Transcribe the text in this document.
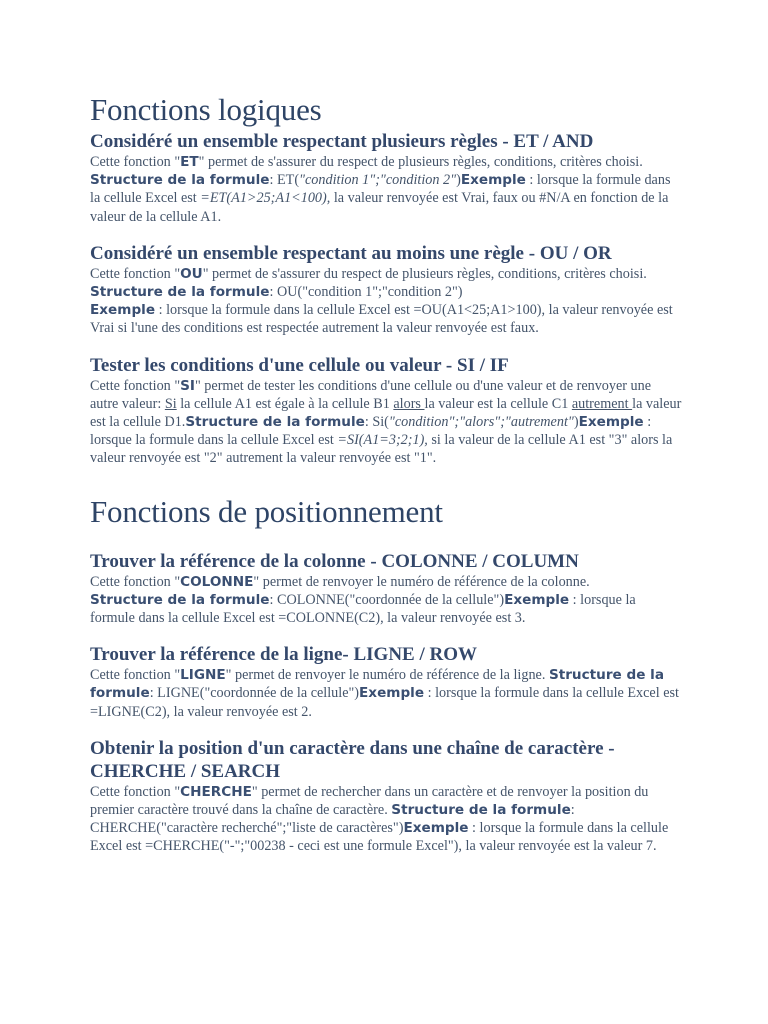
Fonctions logiques
Considéré un ensemble respectant plusieurs règles - ET / AND

Cette fonction "ET" permet de s'assurer du respect de plusieurs règles, conditions, critères choisi. Structure de la formule: ET("condition 1";"condition 2")Exemple : lorsque la formule dans la cellule Excel est =ET(A1>25;A1<100), la valeur renvoyée est Vrai, faux ou #N/A en fonction de la valeur de la cellule A1.

Considéré un ensemble respectant au moins une règle - OU / OR

Cette fonction "OU" permet de s'assurer du respect de plusieurs règles, conditions, critères choisi.
Structure de la formule: OU("condition 1";"condition 2")
Exemple : lorsque la formule dans la cellule Excel est =OU(A1<25;A1>100), la valeur renvoyée est Vrai si l'une des conditions est respectée autrement la valeur renvoyée est faux.

Tester les conditions d'une cellule ou valeur - SI / IF

Cette fonction "SI" permet de tester les conditions d'une cellule ou d'une valeur et de renvoyer une autre valeur: Si la cellule A1 est égale à la cellule B1 alors la valeur est la cellule C1 autrement la valeur est la cellule D1.Structure de la formule: Si("condition";"alors";"autrement")Exemple : lorsque la formule dans la cellule Excel est =SI(A1=3;2;1), si la valeur de la cellule A1 est "3" alors la valeur renvoyée est "2" autrement la valeur renvoyée est "1".

Fonctions de positionnement
Trouver la référence de la colonne - COLONNE / COLUMN

Cette fonction "COLONNE" permet de renvoyer le numéro de référence de la colonne.
Structure de la formule: COLONNE("coordonnée de la cellule")Exemple : lorsque la formule dans la cellule Excel est =COLONNE(C2), la valeur renvoyée est 3.

Trouver la référence de la ligne- LIGNE / ROW

Cette fonction "LIGNE" permet de renvoyer le numéro de référence de la ligne. Structure de la formule: LIGNE("coordonnée de la cellule")Exemple : lorsque la formule dans la cellule Excel est =LIGNE(C2), la valeur renvoyée est 2.

Obtenir la position d'un caractère dans une chaîne de caractère - CHERCHE / SEARCH

Cette fonction "CHERCHE" permet de rechercher dans un caractère et de renvoyer la position du premier caractère trouvé dans la chaîne de caractère. Structure de la formule: CHERCHE("caractère recherché";"liste de caractères")Exemple : lorsque la formule dans la cellule Excel est =CHERCHE("-";"00238 - ceci est une formule Excel"), la valeur renvoyée est la valeur 7.
